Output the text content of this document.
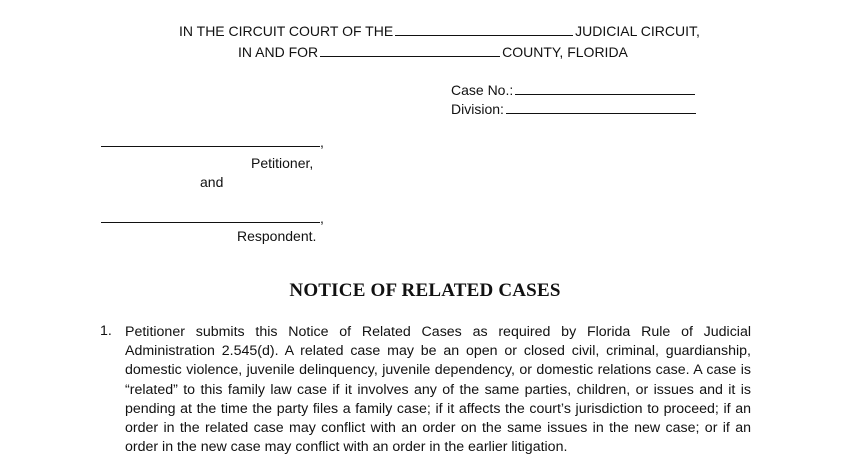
IN THE CIRCUIT COURT OF THE	JUDICIAL CIRCUIT,
IN AND FOR	COUNTY, FLORIDA
Case No.:
Division:
,
Petitioner,
and
,
Respondent.
NOTICE OF RELATED CASES
1. Petitioner submits this Notice of Related Cases as required by Florida Rule of Judicial Administration 2.545(d). A related case may be an open or closed civil, criminal, guardianship, domestic violence, juvenile delinquency, juvenile dependency, or domestic relations case. A case is “related” to this family law case if it involves any of the same parties, children, or issues and it is pending at the time the party files a family case; if it affects the court’s jurisdiction to proceed; if an order in the related case may conflict with an order on the same issues in the new case; or if an order in the new case may conflict with an order in the earlier litigation.
